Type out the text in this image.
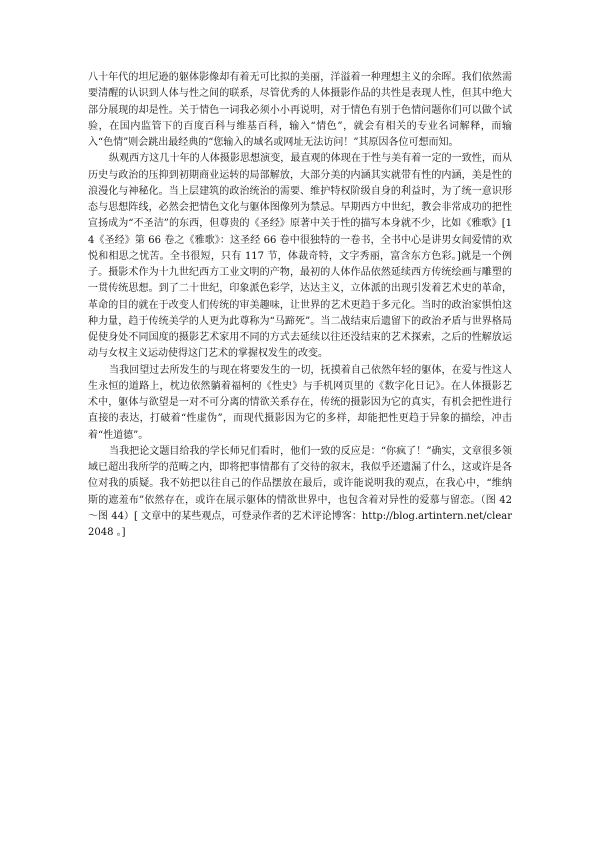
八十年代的坦尼逊的躯体影像却有着无可比拟的美丽，洋溢着一种理想主义的余晖。我们依然需要清醒的认识到人体与性之间的联系，尽管优秀的人体摄影作品的共性是表现人性，但其中绝大部分展现的却是性。关于情色一词我必须小小再说明，对于情色有别于色情问题你们可以做个试验，在国内监管下的百度百科与维基百科，输入“情色”，就会有相关的专业名词解释，而输入“色情”则会跳出最经典的“您输入的域名或网址无法访问！”其原因各位可想而知。

纵观西方这几十年的人体摄影思想演变，最直观的体现在于性与美有着一定的一致性，而从历史与政治的压抑到初期商业运转的局部解放，大部分美的内涵其实就带有性的内涵，美是性的浪漫化与神秘化。当上层建筑的政治统治的需要、维护特权阶级自身的利益时，为了统一意识形态与思想阵线，必然会把情色文化与躯体图像列为禁忌。早期西方中世纪，教会非常成功的把性宣扬成为“不圣洁”的东西，但尊贵的《圣经》原著中关于性的描写本身就不少，比如《雅歌》[14《圣经》第 66 卷之《雅歌》：这圣经 66 卷中很独特的一卷书，全书中心是讲男女间爱情的欢悦和相思之忧苦。全书很短，只有 117 节，体裁奇特，文字秀丽，富含东方色彩。]就是一个例子。摄影术作为十九世纪西方工业文明的产物，最初的人体作品依然延续西方传统绘画与雕塑的一贯传统思想。到了二十世纪，印象派色彩学，达达主义，立体派的出现引发着艺术史的革命，革命的目的就在于改变人们传统的审美趣味，让世界的艺术更趋于多元化。当时的政治家惧怕这种力量，趋于传统美学的人更为此尊称为“马蹄死”。当二战结束后遗留下的政治矛盾与世界格局促使身处不同国度的摄影艺术家用不同的方式去延续以往还没结束的艺术探索，之后的性解放运动与女权主义运动使得这门艺术的掌握权发生的改变。

当我回望过去所发生的与现在将要发生的一切，抚摸着自己依然年轻的躯体，在爱与性这人生永恒的道路上，枕边依然躺着福柯的《性史》与手机网页里的《数字化日记》。在人体摄影艺术中，躯体与欲望是一对不可分离的情欲关系存在，传统的摄影因为它的真实，有机会把性进行直接的表达，打破着“性虚伪”，而现代摄影因为它的多样，却能把性更趋于异象的描绘，冲击着“性道德”。

当我把论文题目给我的学长师兄们看时，他们一致的反应是：“你疯了！”确实，文章很多领域已超出我所学的范畴之内，即将把事情都有了交待的叙末，我似乎还遗漏了什么，这或许是各位对我的质疑。我不妨把以往自己的作品摆放在最后，或许能说明我的观点，在我心中，“维纳斯的遮羞布”依然存在，或许在展示躯体的情欲世界中，也包含着对异性的爱慕与留恋。（图 42～图 44）[ 文章中的某些观点，可登录作者的艺术评论博客：http://blog.artintern.net/clear2048 。]
